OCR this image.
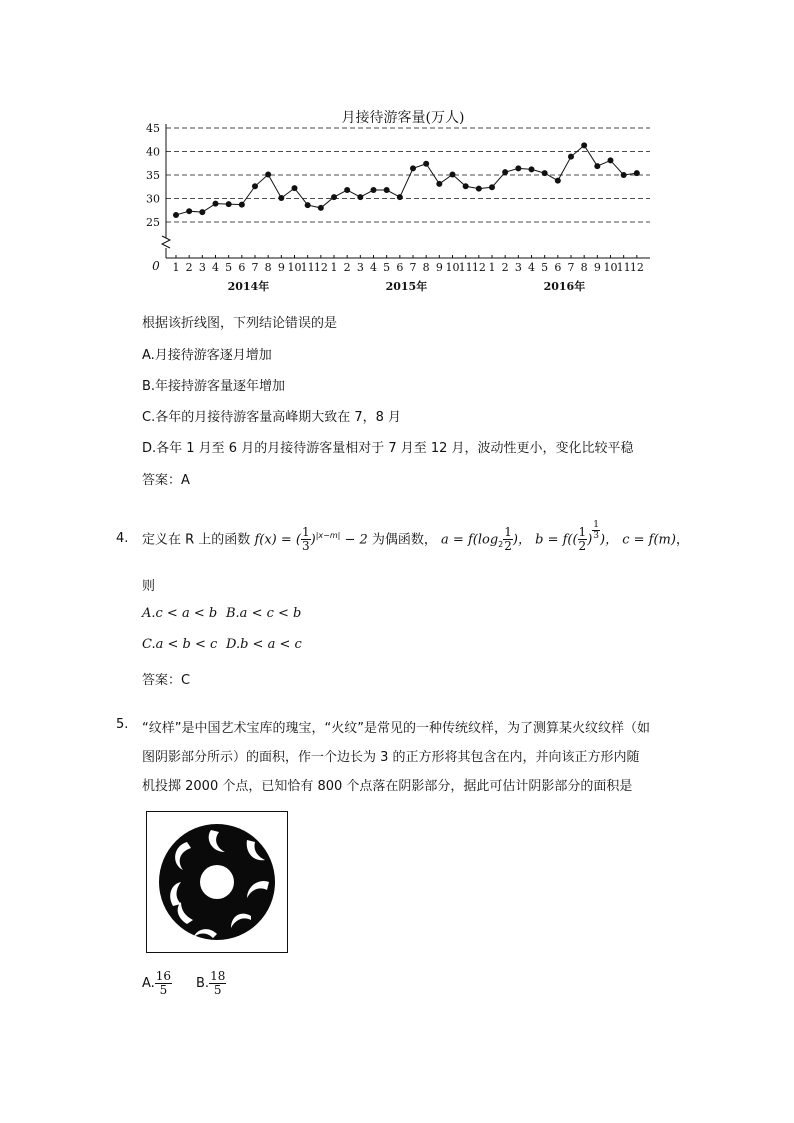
月接待游客量(万人)
25
30
35
40
45
0 1 2 3 4 5 6 7 8 9 10 11 12 1 2 3 4 5 6 7 8 9 10 11 12 1 2 3 4 5 6 7 8 9 10 11 12
2014年	2015年	2016年
根据该折线图，下列结论错误的是
A.月接待游客逐月增加
B.年接持游客量逐年增加
C.各年的月接待游客量高峰期大致在 7，8 月
D.各年 1 月至 6 月的月接待游客量相对于 7 月至 12 月，波动性更小，变化比较平稳
答案：A
4. 定义在 R 上的函数 f(x) = ( $\frac{1}{3} )^{|x-m|} - 2$ 为偶函数， $a = f(\log_2 \frac{1}{2}$ )， $b = f(( \frac{1}{2}$ ) $\frac{1}{3}$ )， c = f(m)，
则
A.c < a < b B.a < c < b
C.a < b < c D.b < a < c
答案：C
5. “纹样”是中国艺术宝库的瑰宝，“火纹”是常见的一种传统纹样，为了测算某火纹纹样（如
图阴影部分所示）的面积，作一个边长为 3 的正方形将其包含在内，并向该正方形内随
机投掷 2000 个点，已知恰有 800 个点落在阴影部分，据此可估计阴影部分的面积是
A. $\frac{16}{5} B$. $\frac{18}{5}$
